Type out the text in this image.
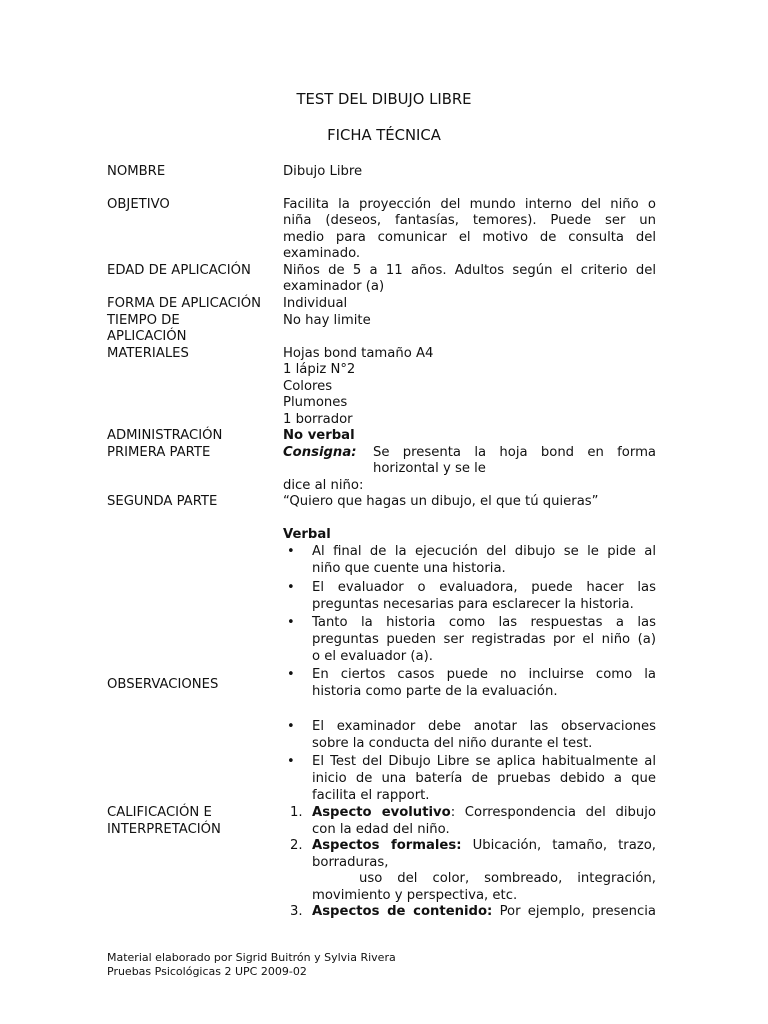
TEST DEL DIBUJO LIBRE
FICHA TÉCNICA
NOMBRE
OBJETIVO
EDAD DE APLICACIÓN
FORMA DE APLICACIÓN
TIEMPO DE
APLICACIÓN
MATERIALES
ADMINISTRACIÓN
PRIMERA PARTE
SEGUNDA PARTE
OBSERVACIONES
CALIFICACIÓN E
INTERPRETACIÓN
Dibujo Libre
Facilita la proyección del mundo interno del niño o
niña (deseos, fantasías, temores). Puede ser un
medio para comunicar el motivo de consulta del
examinado.
Niños de 5 a 11 años. Adultos según el criterio del
examinador (a)
Individual
No hay limite
Hojas bond tamaño A4
1 lápiz N°2
Colores
Plumones
1 borrador
No verbal
Consigna: Se presenta la hoja bond en forma
horizontal y se le
dice al niño:
“Quiero que hagas un dibujo, el que tú quieras”
Verbal
• Al final de la ejecución del dibujo se le pide al
niño que cuente una historia.
• El evaluador o evaluadora, puede hacer las
preguntas necesarias para esclarecer la historia.
• Tanto la historia como las respuestas a las
preguntas pueden ser registradas por el niño (a)
o el evaluador (a).
• En ciertos casos puede no incluirse como la
historia como parte de la evaluación.
• El examinador debe anotar las observaciones
sobre la conducta del niño durante el test.
• El Test del Dibujo Libre se aplica habitualmente al
inicio de una batería de pruebas debido a que
facilita el rapport.
1. Aspecto evolutivo: Correspondencia del dibujo
con la edad del niño.
2. Aspectos formales: Ubicación, tamaño, trazo,
borraduras,
uso del color, sombreado, integración,
movimiento y perspectiva, etc.
3. Aspectos de contenido: Por ejemplo, presencia
Material elaborado por Sigrid Buitrón y Sylvia Rivera
Pruebas Psicológicas 2 UPC 2009-02
